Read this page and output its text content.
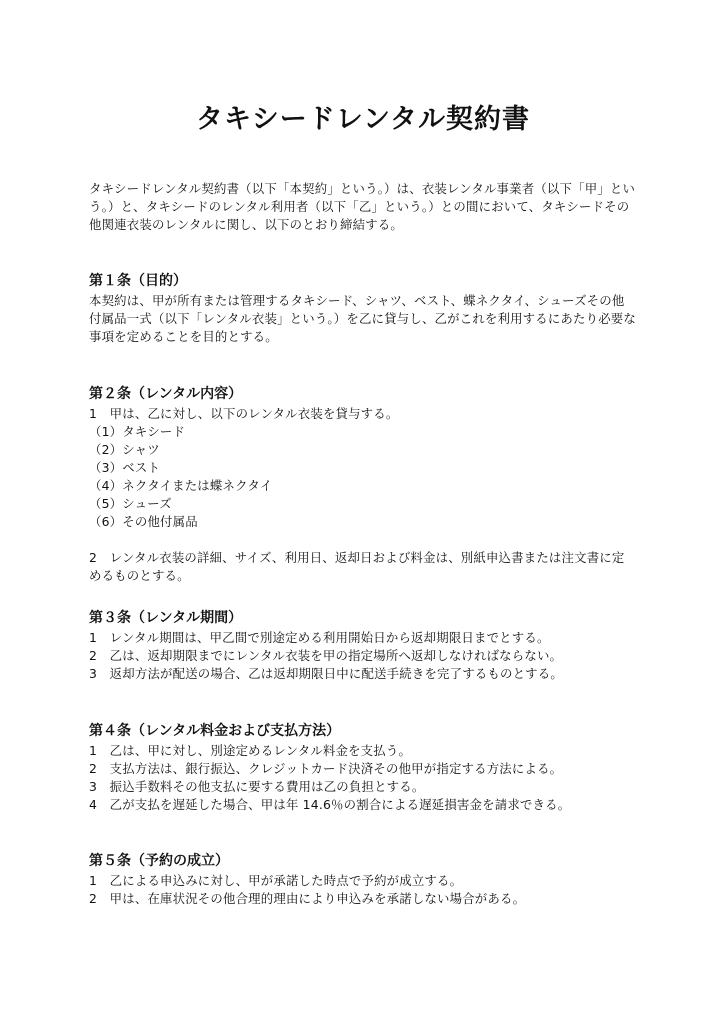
タキシードレンタル契約書
タキシードレンタル契約書（以下「本契約」という。）は、衣装レンタル事業者（以下「甲」という。）と、タキシードのレンタル利用者（以下「乙」という。）との間において、タキシードその他関連衣装のレンタルに関し、以下のとおり締結する。
第１条（目的）
本契約は、甲が所有または管理するタキシード、シャツ、ベスト、蝶ネクタイ、シューズその他付属品一式（以下「レンタル衣装」という。）を乙に貸与し、乙がこれを利用するにあたり必要な事項を定めることを目的とする。
第２条（レンタル内容）
1　甲は、乙に対し、以下のレンタル衣装を貸与する。
（1）タキシード
（2）シャツ
（3）ベスト
（4）ネクタイまたは蝶ネクタイ
（5）シューズ
（6）その他付属品
2　レンタル衣装の詳細、サイズ、利用日、返却日および料金は、別紙申込書または注文書に定めるものとする。
第３条（レンタル期間）
1　レンタル期間は、甲乙間で別途定める利用開始日から返却期限日までとする。
2　乙は、返却期限までにレンタル衣装を甲の指定場所へ返却しなければならない。
3　返却方法が配送の場合、乙は返却期限日中に配送手続きを完了するものとする。
第４条（レンタル料金および支払方法）
1　乙は、甲に対し、別途定めるレンタル料金を支払う。
2　支払方法は、銀行振込、クレジットカード決済その他甲が指定する方法による。
3　振込手数料その他支払に要する費用は乙の負担とする。
4　乙が支払を遅延した場合、甲は年 14.6％の割合による遅延損害金を請求できる。
第５条（予約の成立）
1　乙による申込みに対し、甲が承諾した時点で予約が成立する。
2　甲は、在庫状況その他合理的理由により申込みを承諾しない場合がある。
